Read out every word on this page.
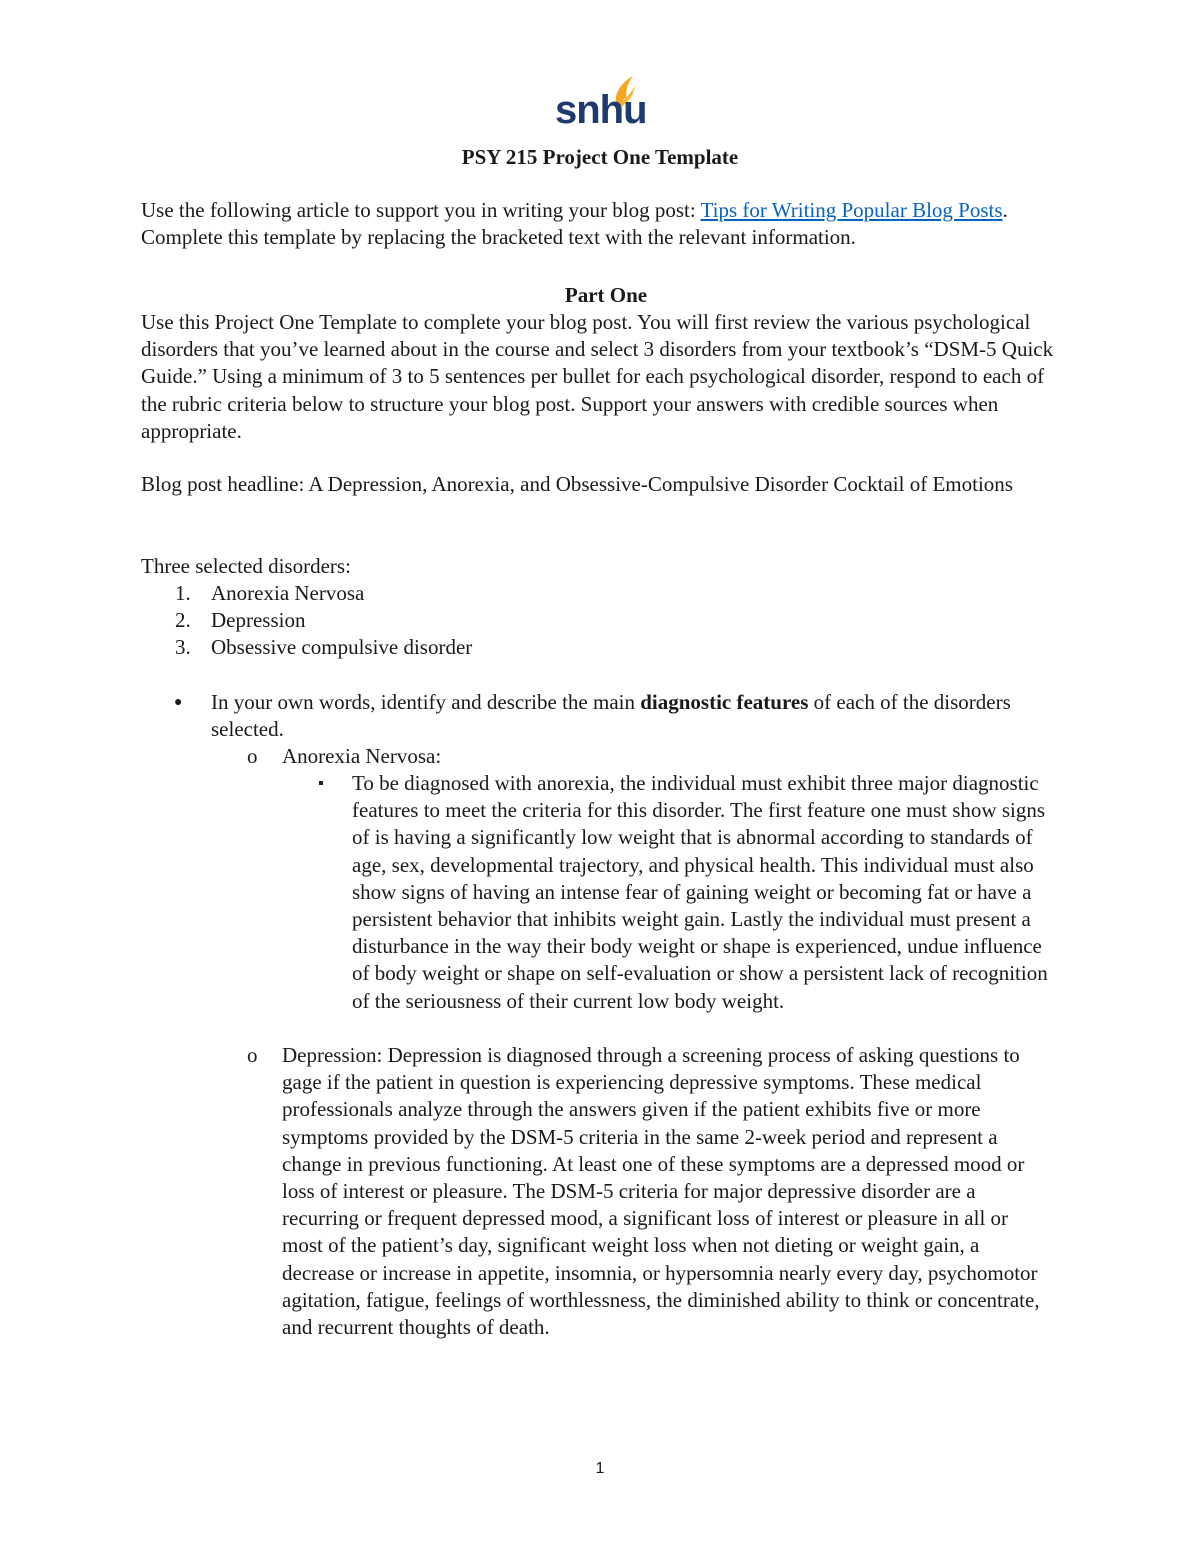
snhu
PSY 215 Project One Template
Use the following article to support you in writing your blog post: Tips for Writing Popular Blog Posts. Complete this template by replacing the bracketed text with the relevant information.
Part One
Use this Project One Template to complete your blog post. You will first review the various psychological disorders that you’ve learned about in the course and select 3 disorders from your textbook’s “DSM-5 Quick Guide.” Using a minimum of 3 to 5 sentences per bullet for each psychological disorder, respond to each of the rubric criteria below to structure your blog post. Support your answers with credible sources when appropriate.
Blog post headline: A Depression, Anorexia, and Obsessive-Compulsive Disorder Cocktail of Emotions
Three selected disorders:
1. Anorexia Nervosa
2. Depression
3. Obsessive compulsive disorder
● In your own words, identify and describe the main diagnostic features of each of the disorders selected.
o Anorexia Nervosa:
▪ To be diagnosed with anorexia, the individual must exhibit three major diagnostic features to meet the criteria for this disorder. The first feature one must show signs of is having a significantly low weight that is abnormal according to standards of age, sex, developmental trajectory, and physical health. This individual must also show signs of having an intense fear of gaining weight or becoming fat or have a persistent behavior that inhibits weight gain. Lastly the individual must present a disturbance in the way their body weight or shape is experienced, undue influence of body weight or shape on self-evaluation or show a persistent lack of recognition of the seriousness of their current low body weight.
o Depression: Depression is diagnosed through a screening process of asking questions to gage if the patient in question is experiencing depressive symptoms. These medical professionals analyze through the answers given if the patient exhibits five or more symptoms provided by the DSM-5 criteria in the same 2-week period and represent a change in previous functioning. At least one of these symptoms are a depressed mood or loss of interest or pleasure. The DSM-5 criteria for major depressive disorder are a recurring or frequent depressed mood, a significant loss of interest or pleasure in all or most of the patient’s day, significant weight loss when not dieting or weight gain, a decrease or increase in appetite, insomnia, or hypersomnia nearly every day, psychomotor agitation, fatigue, feelings of worthlessness, the diminished ability to think or concentrate, and recurrent thoughts of death.
1
